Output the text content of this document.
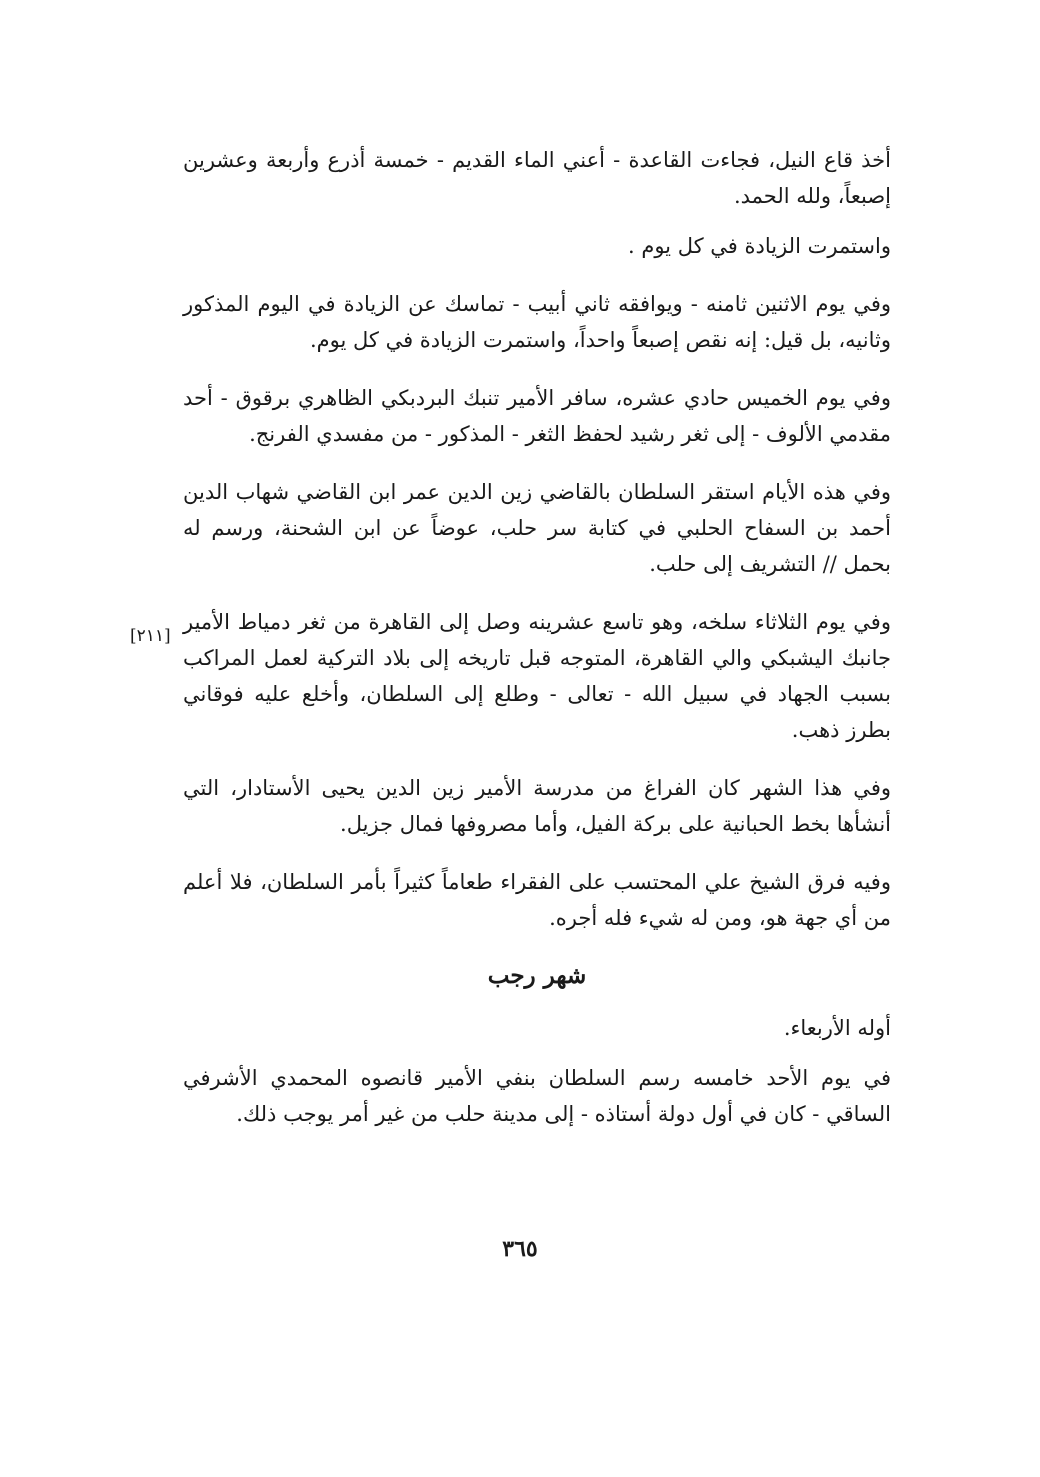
أخذ قاع النيل، فجاءت القاعدة - أعني الماء القديم - خمسة أذرع وأربعة وعشرين إصبعاً، ولله الحمد.

واستمرت الزيادة في كل يوم .

وفي يوم الاثنين ثامنه - ويوافقه ثاني أبيب - تماسك عن الزيادة في اليوم المذكور وثانيه، بل قيل: إنه نقص إصبعاً واحداً، واستمرت الزيادة في كل يوم.

وفي يوم الخميس حادي عشره، سافر الأمير تنبك البردبكي الظاهري برقوق - أحد مقدمي الألوف - إلى ثغر رشيد لحفظ الثغر - المذكور - من مفسدي الفرنج.

وفي هذه الأيام استقر السلطان بالقاضي زين الدين عمر ابن القاضي شهاب الدين أحمد بن السفاح الحلبي في كتابة سر حلب، عوضاً عن ابن الشحنة، ورسم له بحمل // التشريف إلى حلب.

وفي يوم الثلاثاء سلخه، وهو تاسع عشرينه وصل إلى القاهرة من ثغر دمياط الأمير جانبك اليشبكي والي القاهرة، المتوجه قبل تاريخه إلى بلاد التركية لعمل المراكب بسبب الجهاد في سبيل الله - تعالى - وطلع إلى السلطان، وأخلع عليه فوقاني بطرز ذهب.

وفي هذا الشهر كان الفراغ من مدرسة الأمير زين الدين يحيى الأستادار، التي أنشأها بخط الحبانية على بركة الفيل، وأما مصروفها فمال جزيل.

وفيه فرق الشيخ علي المحتسب على الفقراء طعاماً كثيراً بأمر السلطان، فلا أعلم من أي جهة هو، ومن له شيء فله أجره.

شهر رجب

أوله الأربعاء.

في يوم الأحد خامسه رسم السلطان بنفي الأمير قانصوه المحمدي الأشرفي الساقي - كان في أول دولة أستاذه - إلى مدينة حلب من غير أمر يوجب ذلك.

[٢١١]
٣٦٥
